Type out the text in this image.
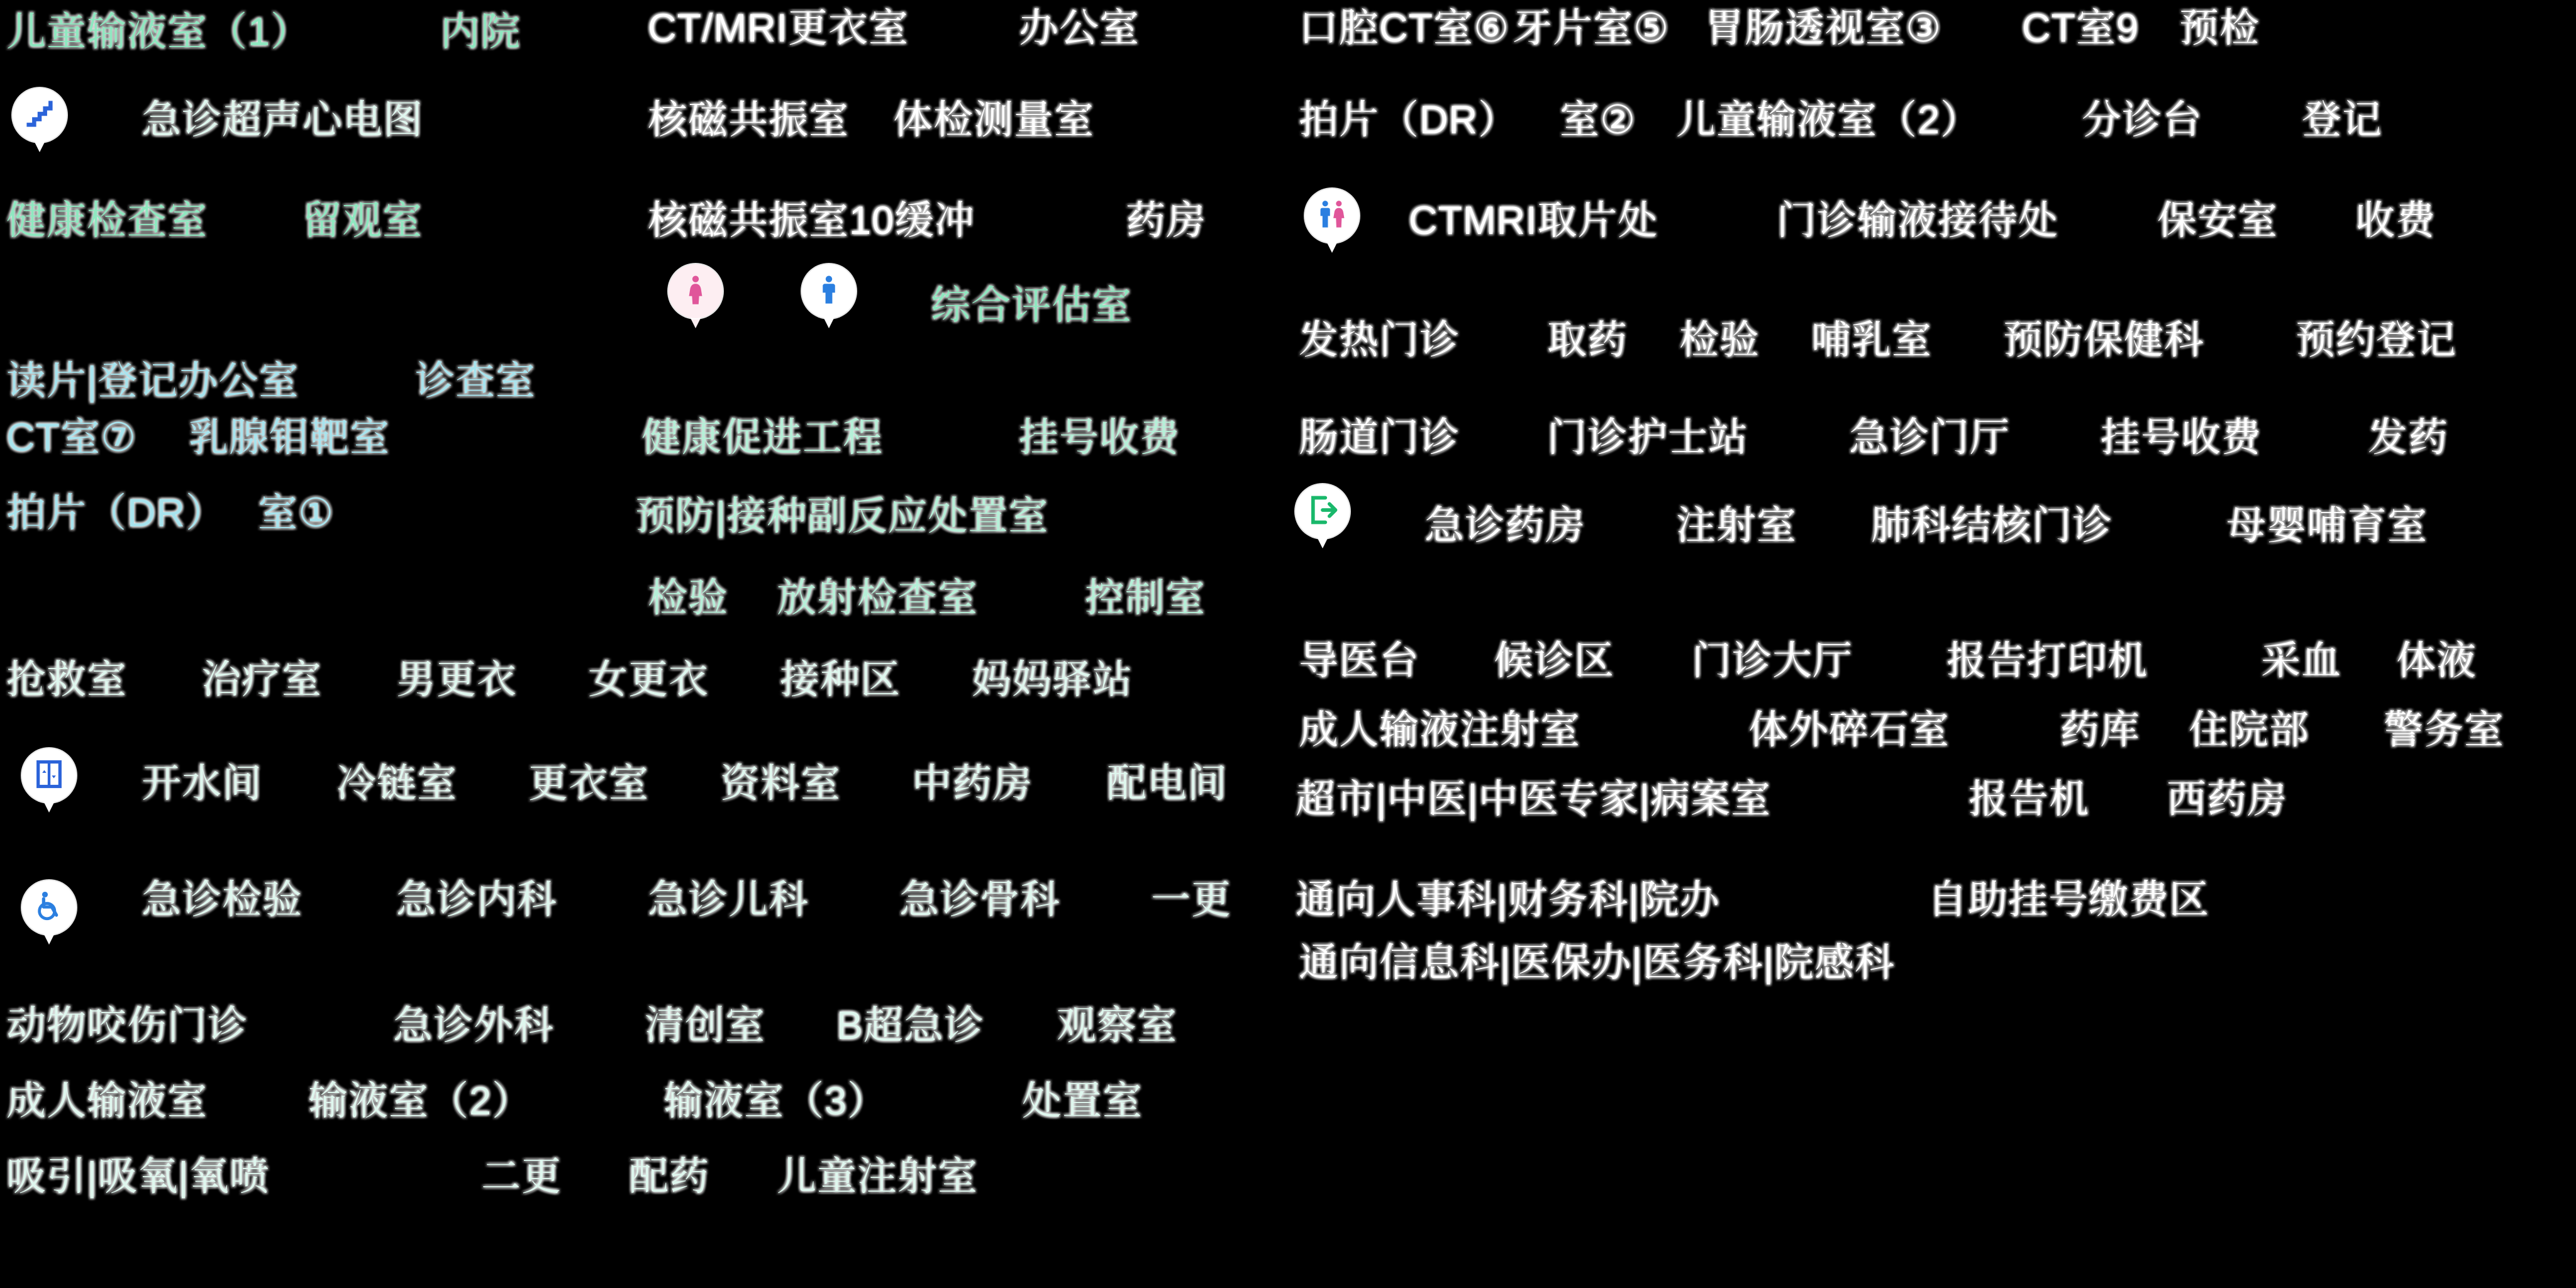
儿童输液室（1）	内院	CT/MRI更衣室	办公室	口腔CT室⑥ 牙片室⑤ 胃肠透视室③ CT室9 预检
急诊超声心电图	核磁共振室 体检测量室	拍片（DR） 室② 儿童输液室（2）	分诊台	登记
健康检查室 留观室	核磁共振室10缓冲	药房	CTMRI取片处	门诊输液接待处 保安室 收费
综合评估室
读片|登记办公室	诊查室
发热门诊 取药 检验 哺乳室 预防保健科 预约登记
CT室⑦ 乳腺钼靶室	健康促进工程	挂号收费	肠道门诊 门诊护士站	急诊门厅 挂号收费	发药
拍片（DR） 室①	预防|接种副反应处置室	急诊药房 注射室 肺科结核门诊	母婴哺育室
检验 放射检查室	控制室
导医台 候诊区 门诊大厅 报告打印机	采血 体液
抢救室 治疗室 男更衣 女更衣 接种区 妈妈驿站
成人输液注射室	体外碎石室	药库 住院部 警务室
开水间 冷链室 更衣室 资料室 中药房 配电间 超市|中医|中医专家|病案室	报告机 西药房
急诊检验 急诊内科 急诊儿科 急诊骨科 一更 通向人事科|财务科|院办	自助挂号缴费区
通向信息科|医保办|医务科|院感科
动物咬伤门诊	急诊外科 清创室 B超急诊 观察室
成人输液室	输液室（2）	输液室（3）	处置室
吸引|吸氧|氧喷	二更 配药 儿童注射室
